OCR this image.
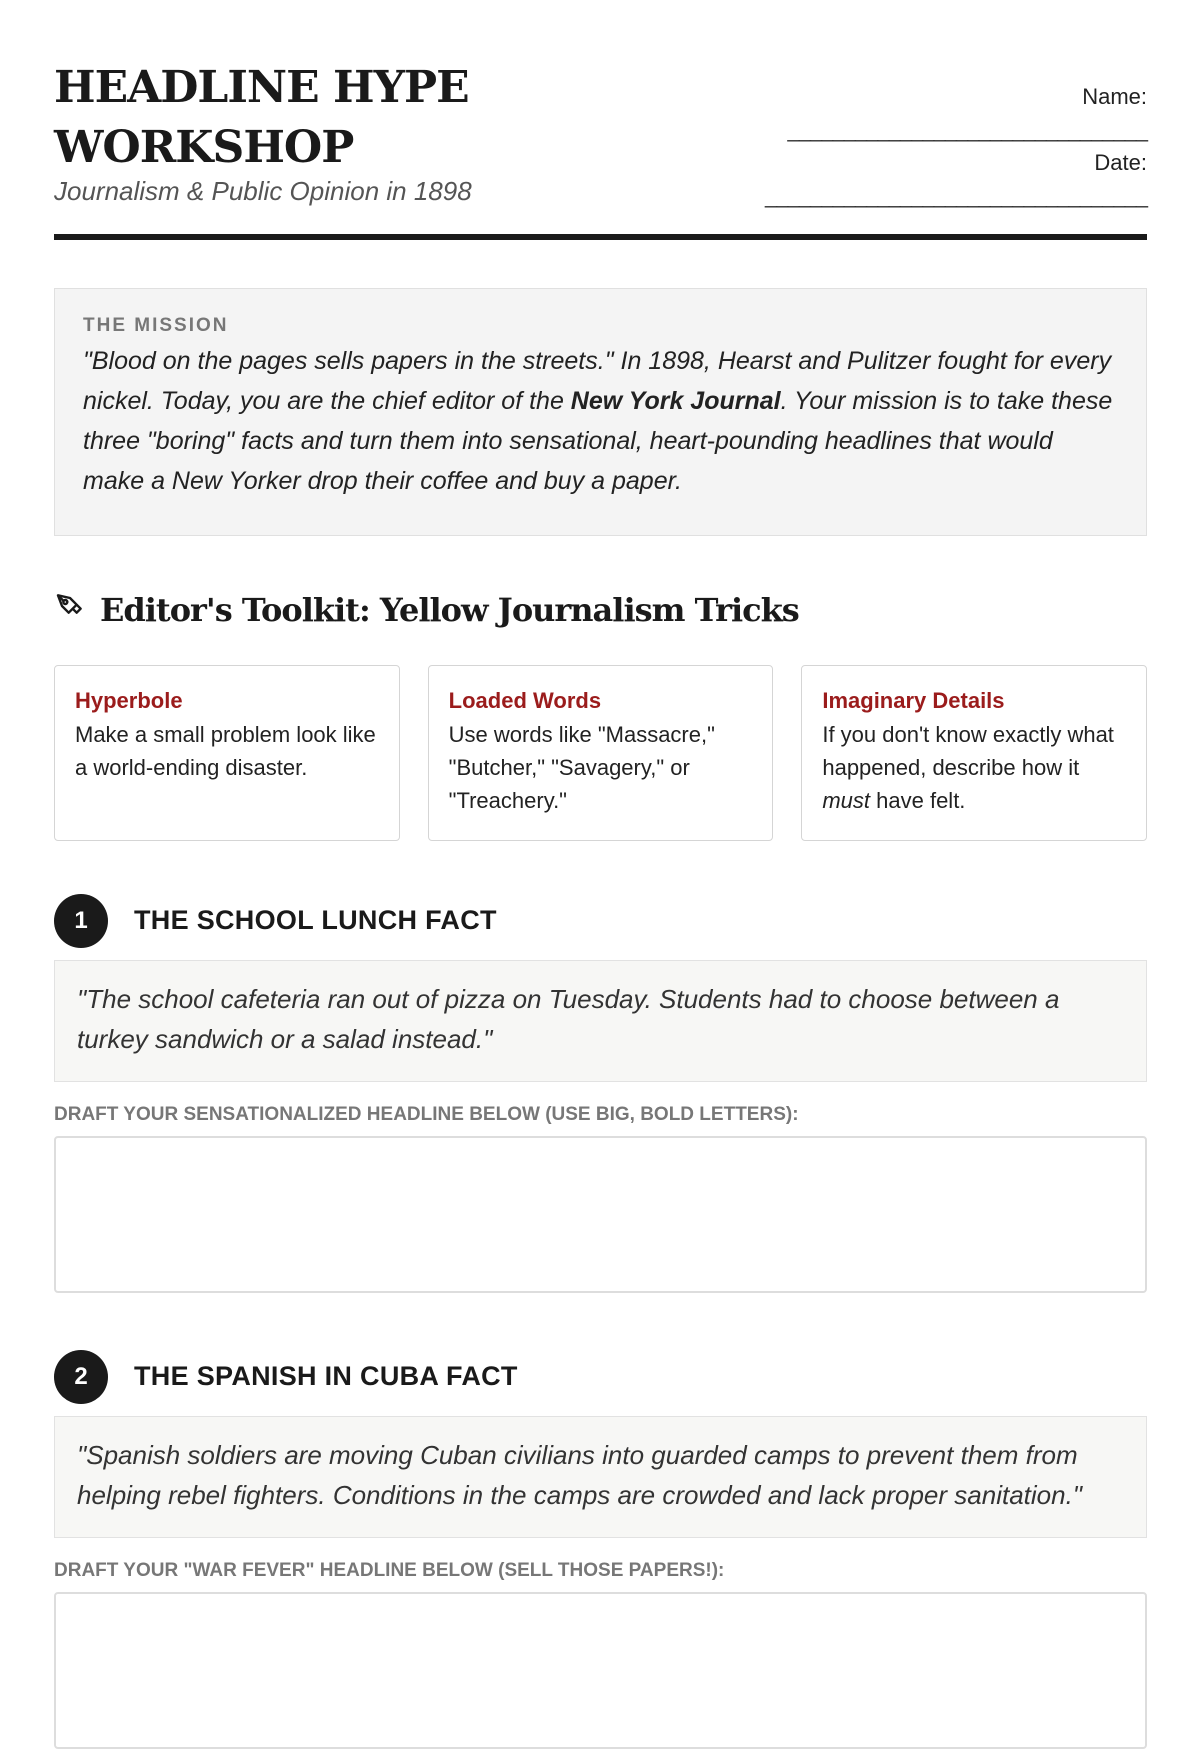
HEADLINE HYPE
WORKSHOP
Journalism & Public Opinion in 1898
Name:
________________________________
Date:
__________________________________
THE MISSION
"Blood on the pages sells papers in the streets." In 1898, Hearst and Pulitzer fought for every nickel. Today, you are the chief editor of the New York Journal. Your mission is to take these three "boring" facts and turn them into sensational, heart-pounding headlines that would make a New Yorker drop their coffee and buy a paper.
Editor's Toolkit: Yellow Journalism Tricks
Hyperbole
Make a small problem look like a world-ending disaster.
Loaded Words
Use words like "Massacre," "Butcher," "Savagery," or "Treachery."
Imaginary Details
If you don't know exactly what happened, describe how it must have felt.
1	THE SCHOOL LUNCH FACT
"The school cafeteria ran out of pizza on Tuesday. Students had to choose between a turkey sandwich or a salad instead."
DRAFT YOUR SENSATIONALIZED HEADLINE BELOW (USE BIG, BOLD LETTERS):
2	THE SPANISH IN CUBA FACT
"Spanish soldiers are moving Cuban civilians into guarded camps to prevent them from helping rebel fighters. Conditions in the camps are crowded and lack proper sanitation."
DRAFT YOUR "WAR FEVER" HEADLINE BELOW (SELL THOSE PAPERS!):
